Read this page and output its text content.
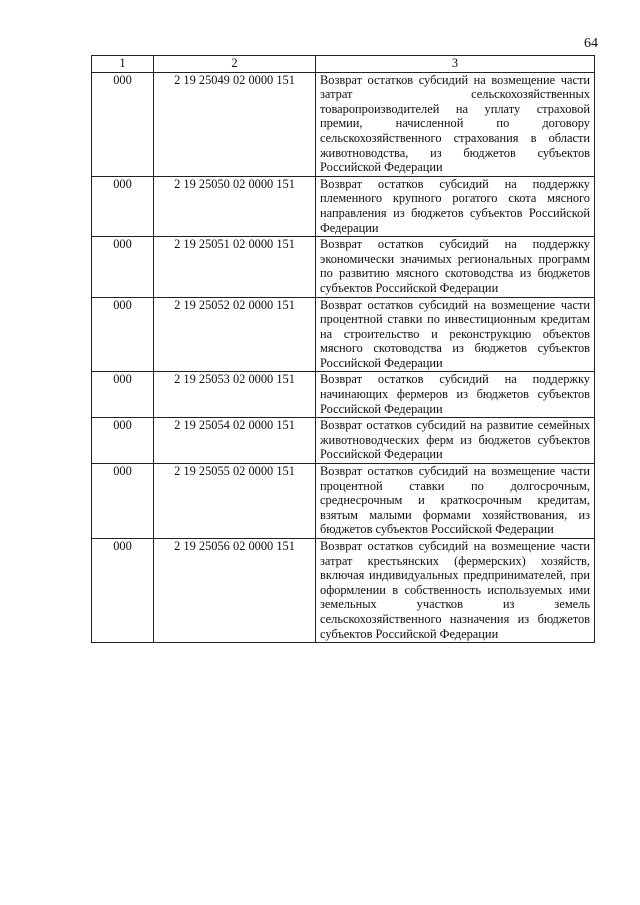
64
1	2	3
000	2 19 25049 02 0000 151	Возврат остатков субсидий на возмещение части затрат сельскохозяйственных товаропроизводителей на уплату страховой премии, начисленной по договору сельскохозяйственного страхования в области животноводства, из бюджетов субъектов Российской Федерации
000	2 19 25050 02 0000 151	Возврат остатков субсидий на поддержку племенного крупного рогатого скота мясного направления из бюджетов субъектов Российской Федерации
000	2 19 25051 02 0000 151	Возврат остатков субсидий на поддержку экономически значимых региональных программ по развитию мясного скотоводства из бюджетов субъектов Российской Федерации
000	2 19 25052 02 0000 151	Возврат остатков субсидий на возмещение части процентной ставки по инвестиционным кредитам на строительство и реконструкцию объектов мясного скотоводства из бюджетов субъектов Российской Федерации
000	2 19 25053 02 0000 151	Возврат остатков субсидий на поддержку начинающих фермеров из бюджетов субъектов Российской Федерации
000	2 19 25054 02 0000 151	Возврат остатков субсидий на развитие семейных животноводческих ферм из бюджетов субъектов Российской Федерации
000	2 19 25055 02 0000 151	Возврат остатков субсидий на возмещение части процентной ставки по долгосрочным, среднесрочным и краткосрочным кредитам, взятым малыми формами хозяйствования, из бюджетов субъектов Российской Федерации
000	2 19 25056 02 0000 151	Возврат остатков субсидий на возмещение части затрат крестьянских (фермерских) хозяйств, включая индивидуальных предпринимателей, при оформлении в собственность используемых ими земельных участков из земель сельскохозяйственного назначения из бюджетов субъектов Российской Федерации
